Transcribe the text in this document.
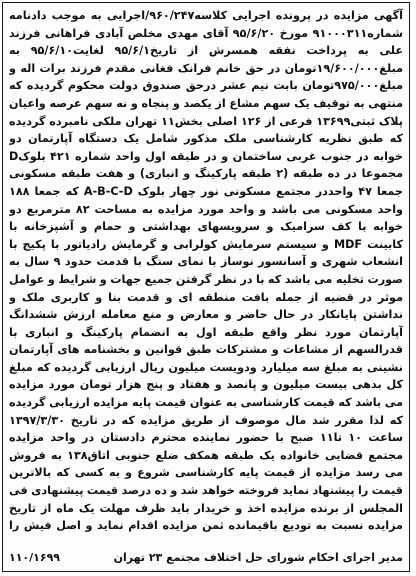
آگهی مزایده در پرونده اجرایی کلاسه۹۶۰/۲۴۷/اجرایی به موجب دادنامه شماره۹۱۰۰۰۳۱۱ مورخ ۹۵/۶/۲۰ آقای مهدی مخلص آبادی فراهانی فرزند علی به پرداخت نفقه همسرش از تاریخ۹۵/۶/۱ لغایت۹۵/۶/۱۰ به مبلغ۱۹/۶۰۰/۰۰۰تومان در حق خانم فرانک فغانی مقدم فرزند برات اله و مبلغ۹۷۵/۰۰۰تومان بابت نیم عشر درحق صندوق دولت محکوم گردیده که منتهی به توقیف یک سهم مشاع از یکصد و پنجاه و نه سهم عرصه واعیان پلاک ثبتی۱۳۶۹۹ فرعی از ۱۲۶ اصلی بخش۱۱ تهران ملکی نامبرده گردیده که طبق نظریه کارشناسی ملک مذکور شامل یک دستگاه آپارتمان دو خوابه در جنوب غربی ساختمان و در طبقه اول واحد شماره ۴۲۱ بلوکD مجموعا در ده طبقه (۲ طبقه پارکینگ و انباری) و هفت طبقه مسکونی جمعا ۴۷ واحددر مجتمع مسکونی نور چهار بلوک A-B-C-D که جمعا ۱۸۸ واحد مسکونی می باشد و واحد مورد مزایده به مساحت ۸۲ مترمربع دو خوابه با کف سرامیک و سرویسهای بهداشتی و حمام و آشپزخانه با کابینت MDF و سیستم سرمایش کولرابی و گرمایش رادیاتور با پکیج با انشعاب شهری و آسانسور نوساز با نمای سنگ با قدمت حدود ۹ سال به صورت تخلیه می باشد که با در نظر گرفتن جمیع جهات و شرایط و عوامل موثر در قضیه از جمله بافت منطقه ای و قدمت بنا و کاربری ملک و نداشتن پایانکار در حال حاضر و معارض و منع معامله ارزش ششدانگ آپارتمان مورد نظر واقع طبقه اول به انضمام پارکینگ و انباری با قدرالسهم از مشاعات و مشترکات طبق قوانین و بخشنامه های آپارتمان نشینی به مبلغ سه میلیارد ودویست میلیون ریال ارزیابی گردیده که مبلغ کل بدهی بیست میلیون و پانصد و هفتاد و پنج هزار تومان مورد مزایده می باشد که قیمت کارشناسی به عنوان قیمت پایه مزایده ارزیابی گردیده که لذا مقرر شد مال موصوف از طریق مزایده که در تاریخ ۱۳۹۷/۳/۳۰ ساعت ۱۰ تا۱۱ صبح با حضور نماینده محترم دادستان در واحد مزایده مجتمع قضایی خانواده یک طبقه همکف ضلع جنوبی اتاق۱۳۸ به فروش می رسد مزایده از قیمت پایه کارشناسی شروع و به کسی که بالاترین قیمت را پیشنهاد نماید فروخته خواهد شد و ده درصد قیمت پیشنهادی فی المجلس از برنده مزایده اخذ و خریدار باید ظرف مهلت یک ماه از تاریخ مزایده نسبت به تودیع باقیمانده ثمن مزایده اقدام نماید و اصل فیش را
مدیر اجرای احکام شورای حل اختلاف مجتمع ۲۳ تهران
۱۱۰/۱۶۹۹
